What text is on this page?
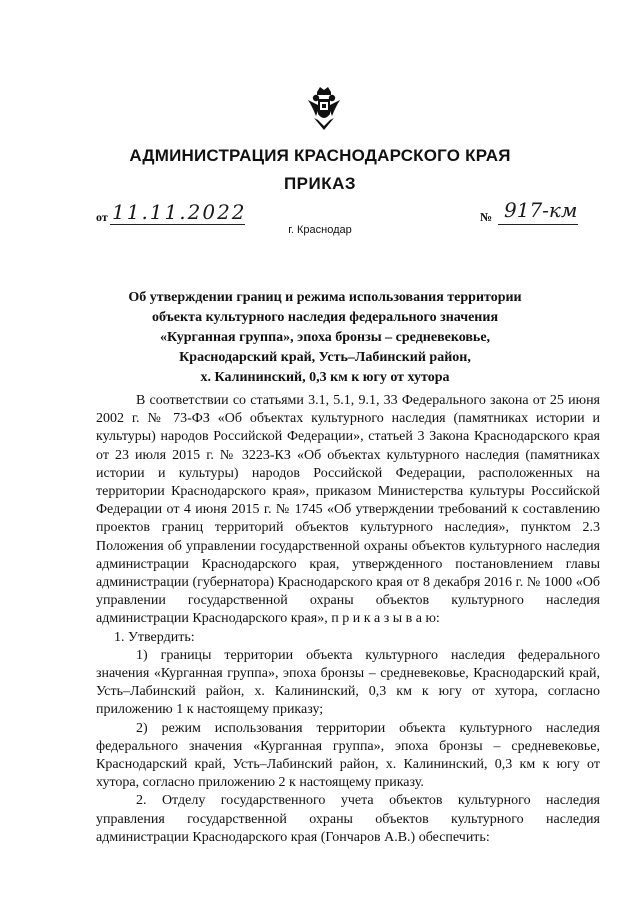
АДМИНИСТРАЦИЯ КРАСНОДАРСКОГО КРАЯ
ПРИКАЗ
от 11.11.2022	№ 917-км
г. Краснодар
Об утверждении границ и режима использования территории
объекта культурного наследия федерального значения
«Курганная группа», эпоха бронзы – средневековье,
Краснодарский край, Усть–Лабинский район,
х. Калининский, 0,3 км к югу от хутора

В соответствии со статьями 3.1, 5.1, 9.1, 33 Федерального закона от 25 июня 2002 г. № 73-ФЗ «Об объектах культурного наследия (памятниках истории и культуры) народов Российской Федерации», статьей 3 Закона Краснодарского края от 23 июля 2015 г. № 3223-КЗ «Об объектах культурного наследия (памятниках истории и культуры) народов Российской Федерации, расположенных на территории Краснодарского края», приказом Министерства культуры Российской Федерации от 4 июня 2015 г. № 1745 «Об утверждении требований к составлению проектов границ территорий объектов культурного наследия», пунктом 2.3 Положения об управлении государственной охраны объектов культурного наследия администрации Краснодарского края, утвержденного постановлением главы администрации (губернатора) Краснодарского края от 8 декабря 2016 г. № 1000 «Об управлении государственной охраны объектов культурного наследия администрации Краснодарского края», п р и к а з ы в а ю:

1. Утвердить:

1) границы территории объекта культурного наследия федерального значения «Курганная группа», эпоха бронзы – средневековье, Краснодарский край, Усть–Лабинский район, х. Калининский, 0,3 км к югу от хутора, согласно приложению 1 к настоящему приказу;

2) режим использования территории объекта культурного наследия федерального значения «Курганная группа», эпоха бронзы – средневековье, Краснодарский край, Усть–Лабинский район, х. Калининский, 0,3 км к югу от хутора, согласно приложению 2 к настоящему приказу.

2. Отделу государственного учета объектов культурного наследия управления государственной охраны объектов культурного наследия администрации Краснодарского края (Гончаров А.В.) обеспечить:
